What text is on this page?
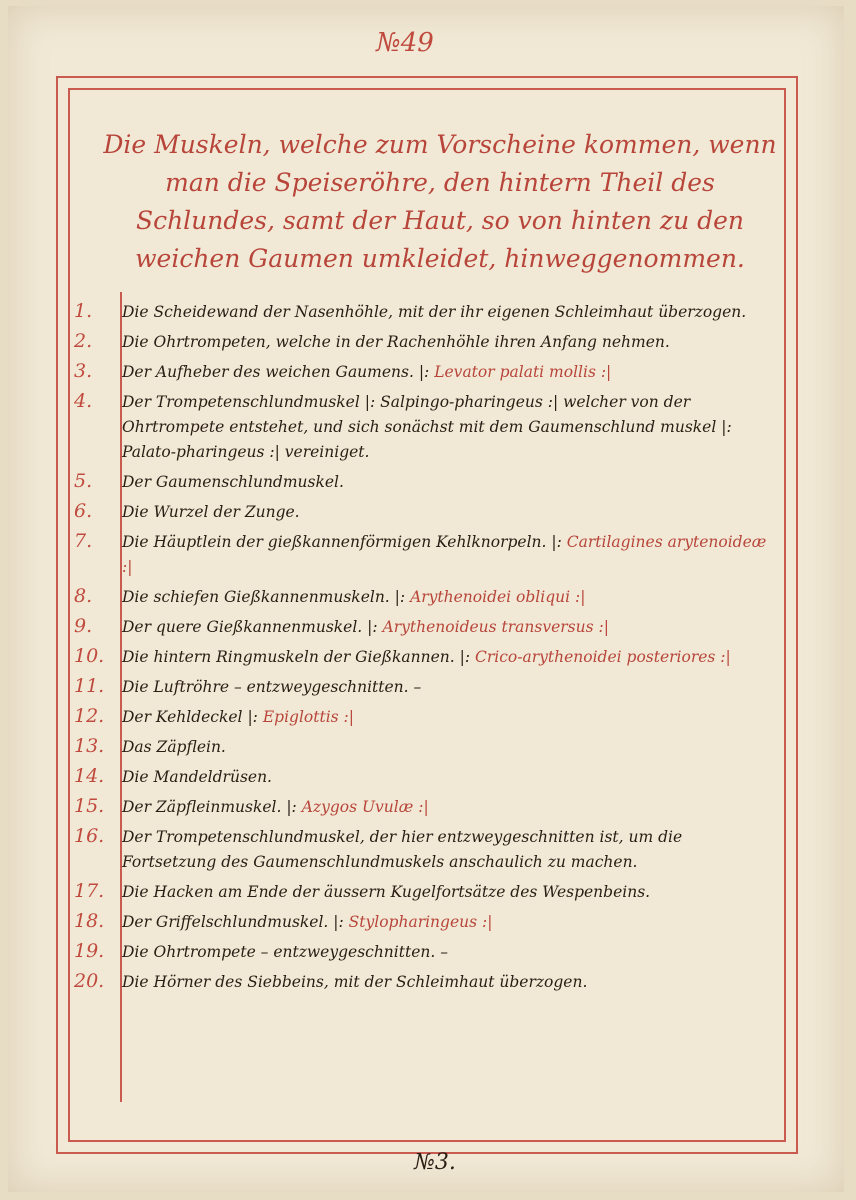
№49
Die Muskeln, welche zum Vorscheine kommen, wenn man die Speiseröhre, den hintern Theil des Schlundes, samt der Haut, so von hinten zu den weichen Gaumen umkleidet, hinweggenommen.
1.	Die Scheidewand der Nasenhöhle, mit der ihr eigenen Schleimhaut überzogen.
2.	Die Ohrtrompeten, welche in der Rachenhöhle ihren Anfang nehmen.
3.	Der Aufheber des weichen Gaumens. |: Levator palati mollis :|
4.	Der Trompetenschlundmuskel |: Salpingo-pharingeus :| welcher von der Ohrtrompete entstehet, und sich sonächst mit dem Gaumenschlund muskel |: Palato-pharingeus :| vereiniget.
5.	Der Gaumenschlundmuskel.
6.	Die Wurzel der Zunge.
7.	Die Häuptlein der gießkannenförmigen Kehlknorpeln. |: Cartilagines arytenoideæ :|
8.	Die schiefen Gießkannenmuskeln. |: Arythenoidei obliqui :|
9.	Der quere Gießkannenmuskel. |: Arythenoideus transversus :|
10.	Die hintern Ringmuskeln der Gießkannen. |: Crico-arythenoidei posteriores :|
11.	Die Luftröhre – entzweygeschnitten. –
12.	Der Kehldeckel |: Epiglottis :|
13.	Das Zäpflein.
14.	Die Mandeldrüsen.
15.	Der Zäpfleinmuskel. |: Azygos Uvulæ :|
16.	Der Trompetenschlundmuskel, der hier entzweygeschnitten ist, um die Fortsetzung des Gaumenschlundmuskels anschaulich zu machen.
17.	Die Hacken am Ende der äussern Kugelfortsätze des Wespenbeins.
18.	Der Griffelschlundmuskel. |: Stylopharingeus :|
19.	Die Ohrtrompete – entzweygeschnitten. –
20.	Die Hörner des Siebbeins, mit der Schleimhaut überzogen.
№3.
